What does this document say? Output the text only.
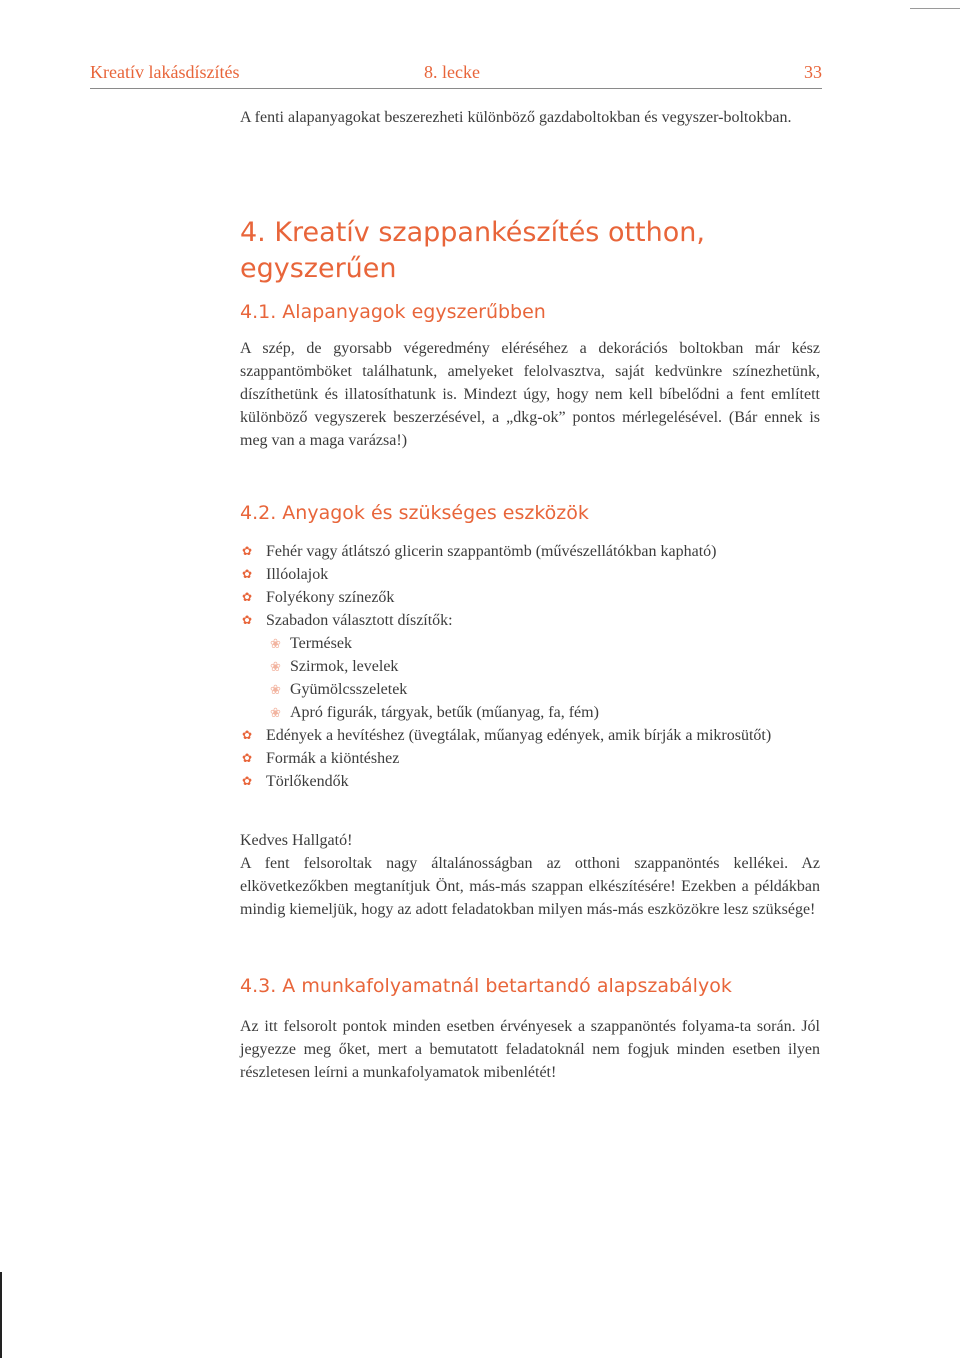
Kreatív lakásdíszítés	8. lecke	33

A fenti alapanyagokat beszerezheti különböző gazdaboltokban és vegyszer-boltokban.

4. Kreatív szappankészítés otthon,
egyszerűen
4.1. Alapanyagok egyszerűbben

A szép, de gyorsabb végeredmény eléréséhez a dekorációs boltokban már kész szappantömböket találhatunk, amelyeket felolvasztva, saját kedvünkre színezhetünk, díszíthetünk és illatosíthatunk is. Mindezt úgy, hogy nem kell bíbelődni a fent említett különböző vegyszerek beszerzésével, a „dkg-ok” pontos mérlegelésével. (Bár ennek is meg van a maga varázsa!)

4.2. Anyagok és szükséges eszközök
✿ Fehér vagy átlátszó glicerin szappantömb (művészellátókban kapható)
✿ Illóolajok
✿ Folyékony színezők
✿ Szabadon választott díszítők:
❀ Termések
❀ Szirmok, levelek
❀ Gyümölcsszeletek
❀ Apró figurák, tárgyak, betűk (műanyag, fa, fém)
✿ Edények a hevítéshez (üvegtálak, műanyag edények, amik bírják a mikrosütőt)
✿ Formák a kiöntéshez
✿ Törlőkendők

Kedves Hallgató!

A fent felsoroltak nagy általánosságban az otthoni szappanöntés kellékei. Az elkövetkezőkben megtanítjuk Önt, más-más szappan elkészítésére! Ezekben a példákban mindig kiemeljük, hogy az adott feladatokban milyen más-más eszközökre lesz szüksége!

4.3. A munkafolyamatnál betartandó alapszabályok

Az itt felsorolt pontok minden esetben érvényesek a szappanöntés folyama-ta során. Jól jegyezze meg őket, mert a bemutatott feladatoknál nem fogjuk minden esetben ilyen részletesen leírni a munkafolyamatok mibenlétét!
